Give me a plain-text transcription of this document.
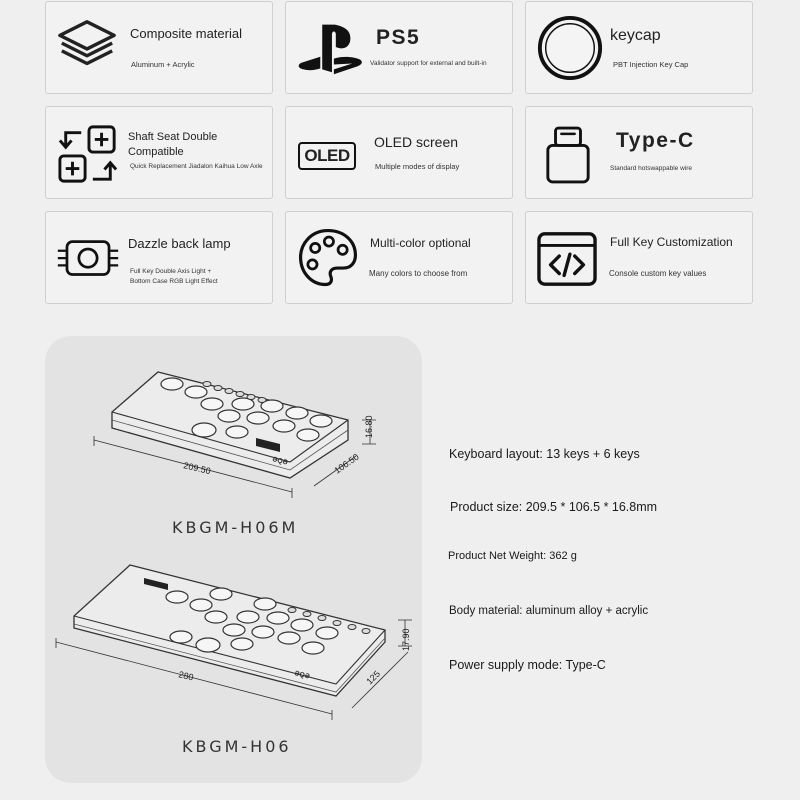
Composite material
Aluminum + Acrylic
PS5
Validator support for external and built-in
keycap
PBT Injection Key Cap
Shaft Seat Double Compatible
Quick Replacement Jiadalon Kaihua Low Axle
OLED
OLED screen
Multiple modes of display
Type-C
Standard hotswappable wire
Dazzle back lamp
Full Key Double Axis Light + Bottom Case RGB Light Effect
Multi-color optional
Many colors to choose from
Full Key Customization
Console custom key values
ƏQƏ
209.50	106.50
16.80
KBGM-H06M
ƏQƏ
280	125
17.90
KBGM-H06
Keyboard layout: 13 keys + 6 keys
Product size: 209.5 * 106.5 * 16.8mm
Product Net Weight: 362 g
Body material: aluminum alloy + acrylic
Power supply mode: Type-C
